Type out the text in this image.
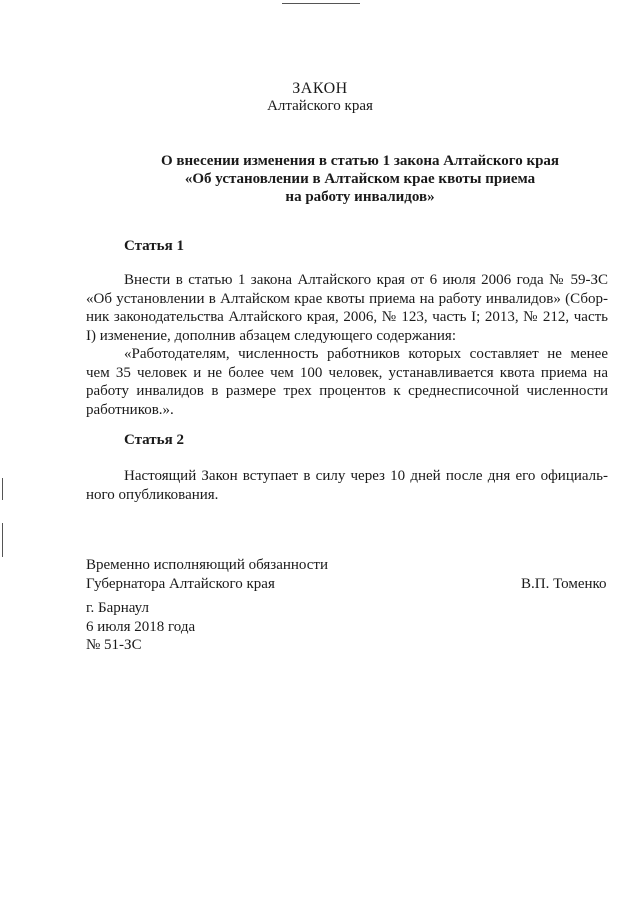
ЗАКОН
Алтайского края
О внесении изменения в статью 1 закона Алтайского края
«Об установлении в Алтайском крае квоты приема
на работу инвалидов»
Статья 1
Внести в статью 1 закона Алтайского края от 6 июля 2006 года № 59-ЗС
«Об установлении в Алтайском крае квоты приема на работу инвалидов» (Сбор-
ник законодательства Алтайского края, 2006, № 123, часть I; 2013, № 212, часть
I) изменение, дополнив абзацем следующего содержания:
«Работодателям, численность работников которых составляет не менее
чем 35 человек и не более чем 100 человек, устанавливается квота приема на
работу инвалидов в размере трех процентов к среднесписочной численности
работников.».
Статья 2
Настоящий Закон вступает в силу через 10 дней после дня его официаль-
ного опубликования.
Временно исполняющий обязанности
Губернатора Алтайского края	В.П. Томенко
г. Барнаул
6 июля 2018 года
№ 51-ЗС
